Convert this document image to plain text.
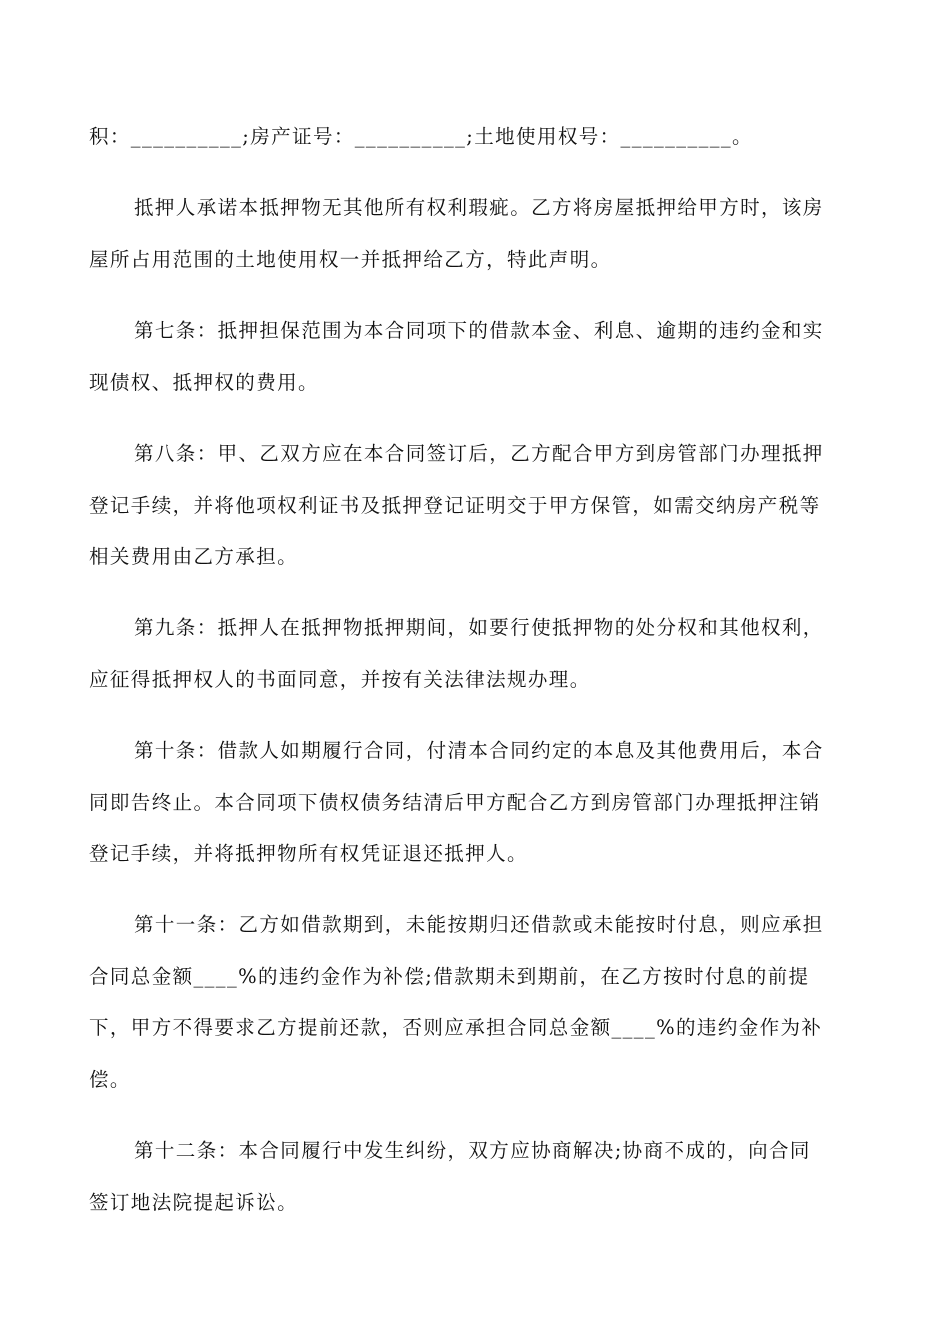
积：__________;房产证号：__________;土地使用权号：__________。
抵押人承诺本抵押物无其他所有权利瑕疵。乙方将房屋抵押给甲方时，该房
屋所占用范围的土地使用权一并抵押给乙方，特此声明。
第七条：抵押担保范围为本合同项下的借款本金、利息、逾期的违约金和实
现债权、抵押权的费用。
第八条：甲、乙双方应在本合同签订后，乙方配合甲方到房管部门办理抵押
登记手续，并将他项权利证书及抵押登记证明交于甲方保管，如需交纳房产税等
相关费用由乙方承担。
第九条：抵押人在抵押物抵押期间，如要行使抵押物的处分权和其他权利，
应征得抵押权人的书面同意，并按有关法律法规办理。
第十条：借款人如期履行合同，付清本合同约定的本息及其他费用后，本合
同即告终止。本合同项下债权债务结清后甲方配合乙方到房管部门办理抵押注销
登记手续，并将抵押物所有权凭证退还抵押人。
第十一条：乙方如借款期到，未能按期归还借款或未能按时付息，则应承担
合同总金额____%的违约金作为补偿;借款期未到期前，在乙方按时付息的前提
下，甲方不得要求乙方提前还款，否则应承担合同总金额____%的违约金作为补
偿。
第十二条：本合同履行中发生纠纷，双方应协商解决;协商不成的，向合同
签订地法院提起诉讼。
